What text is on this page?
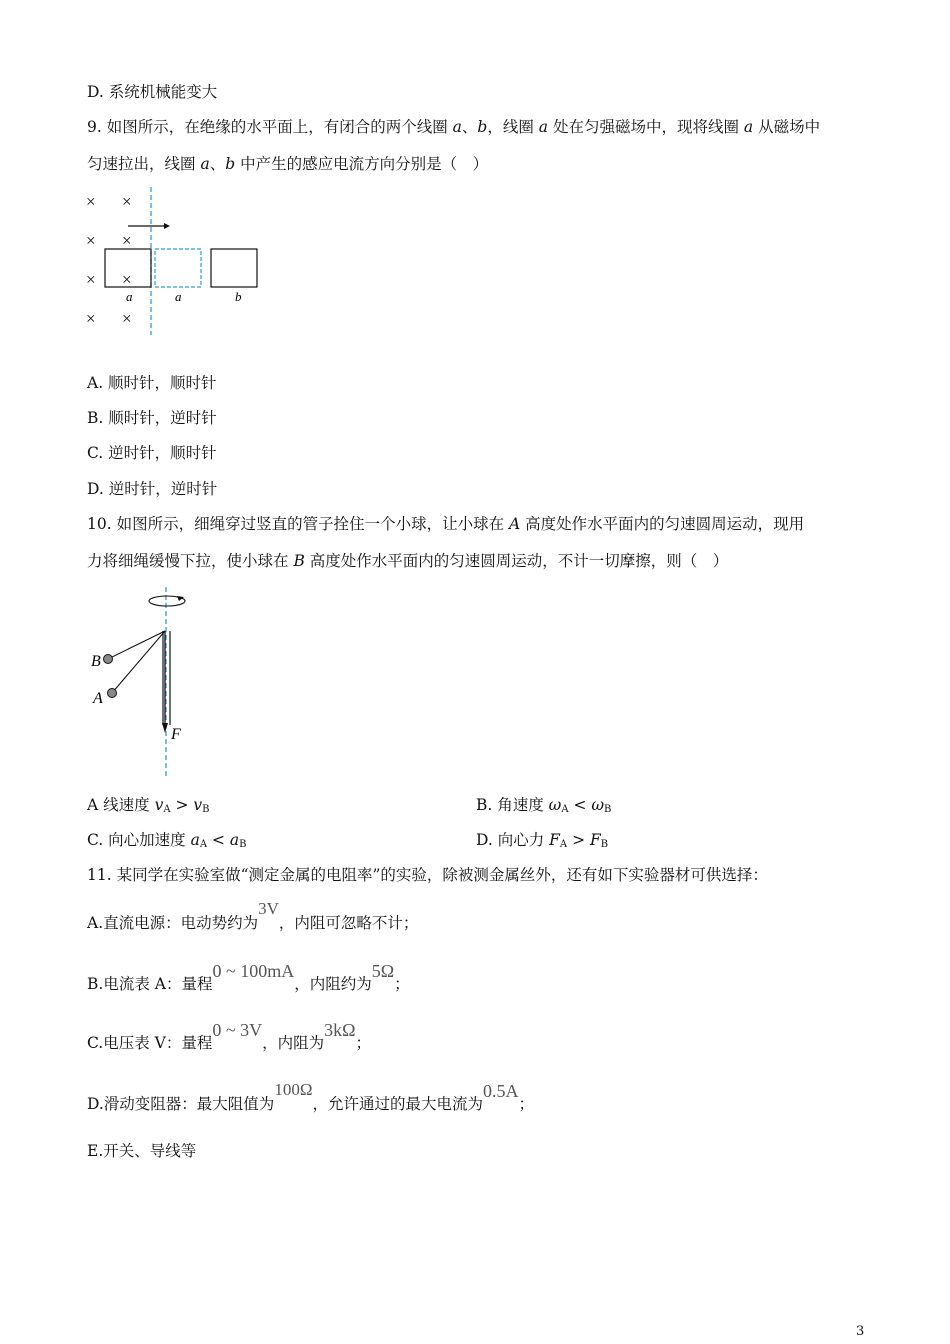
D. 系统机械能变大
9. 如图所示，在绝缘的水平面上，有闭合的两个线圈 a、b，线圈 a 处在匀强磁场中，现将线圈 a 从磁场中
匀速拉出，线圈 a、b 中产生的感应电流方向分别是（　）
× ×
× ×
× ×
× ×
a	a	b
A. 顺时针，顺时针
B. 顺时针，逆时针
C. 逆时针，顺时针
D. 逆时针，逆时针
10. 如图所示，细绳穿过竖直的管子拴住一个小球，让小球在 A 高度处作水平面内的匀速圆周运动，现用
力将细绳缓慢下拉，使小球在 B 高度处作水平面内的匀速圆周运动，不计一切摩擦，则（　）
B
A
F
A 线速度 $v_A > v_B$	B. 角速度 $\omega_A < \omega_B$
C. 向心加速度 $a_A < a_B$	D. 向心力 $F_A > F_B$
11. 某同学在实验室做“测定金属的电阻率”的实验，除被测金属丝外，还有如下实验器材可供选择：
A.直流电源：电动势约为3V，内阻可忽略不计；
B.电流表 A：量程0 ~ 100mA，内阻约为5Ω；
C.电压表 V：量程0 ~ 3V，内阻为3kΩ；
D.滑动变阻器：最大阻值为100Ω，允许通过的最大电流为0.5A；
E.开关、导线等
3
